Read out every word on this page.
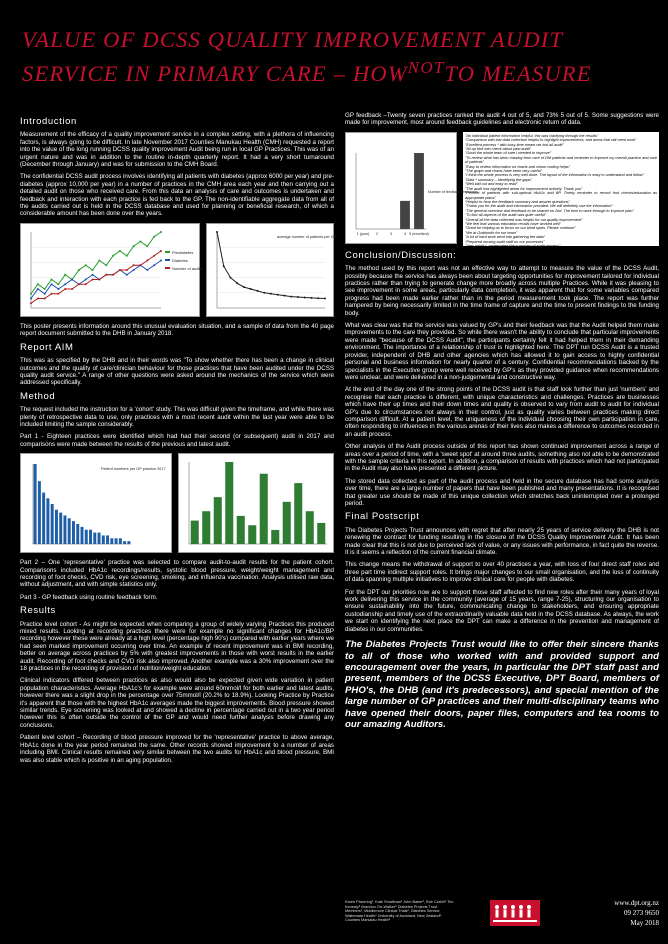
VALUE OF DCSS QUALITY IMPROVEMENT AUDIT
SERVICE IN PRIMARY CARE – $HOW^{NOT}TO$ MEASURE
Introduction

Measurement of the efficacy of a quality improvement service in a complex setting, with a plethora of influencing factors, is always going to be difficult. In late November 2017 Counties Manukau Health (CMH) requested a report into the value of the long running DCSS quality improvement Audit being run in local GP Practices. This was of an urgent nature and was in addition to the routine in-depth quarterly report. It had a very short turnaround (December through January) and was for submission to the CMH Board.

The confidential DCSS audit process involves identifying all patients with diabetes (approx 6000 per year) and pre-diabetes (approx 10,000 per year) in a number of practices in the CMH area each year and then carrying out a detailed audit on those who received care. From this data an analysis of care and outcomes is undertaken and feedback and interaction with each practice is fed back to the GP. The non-identifiable aggregate data from all of the audits carried out is held in the DCSS database and used for planning or beneficial research, of which a considerable amount has been done over the years.

Prediabetes
Diabetes
Number of audits
average number of patients per GP

This poster presents information around this unusual evaluation situation, and a sample of data from the 40 page report document submitted to the DHB in January 2018.

Report AIM

This was as specified by the DHB and in their words was "To show whether there has been a change in clinical outcomes and the quality of care/clinician behaviour for those practices that have been audited under the DCSS quality audit service." A range of other questions were asked around the mechanics of the service which were addressed specifically.

Method

The request included the instruction for a 'cohort' study. This was difficult given the timeframe, and while there was plenty of retrospective data to use, only practices with a most recent audit within the last year were able to be included limiting the sample considerably.

Part 1 - Eighteen practices were identified which had had their second (or subsequent) audit in 2017 and comparisons were made between the results of the previous and latest audit.

Patient numbers per GP practice 2017

Part 2 – One 'representative' practice was selected to compare audit-to-audit results for the patient cohort. Comparisons included HbA1c recordings/results, systolic blood pressure, weight/weight management and recording of foot checks, CVD risk, eye screening, smoking, and influenza vaccination. Analysis utilised raw data, without adjustment, and with simple statistics only.

Part 3 - GP feedback using routine feedback form.

Results

Practice level cohort - As might be expected when comparing a group of widely varying Practices this produced mixed results. Looking at recording practices there were for example no significant changes for HbA1c/BP recording however these were already at a high level (percentage high 90's) compared with earlier years where we had seen marked improvement occurring over time. An example of recent improvement was in BMI recording, better on average across practices by 5% with greatest improvements in those with worst results in the earlier audit. Recording of foot checks and CVD risk also improved. Another example was a 30% improvement over the 18 practices in the recording of provision of nutrition/weight education.

Clinical indicators differed between practices as also would also be expected given wide variation in patient population characteristics. Average HbA1c's for example were around 60mmol/l for both earlier and latest audits, however there was a slight drop in the percentage over 75mmol/l (20.2% to 18.9%). Looking Practice by Practice it's apparent that those with the highest HbA1c averages made the biggest improvements. Blood pressure showed similar trends. Eye screening was looked at and showed a decline in percentage carried out in a two year period however this is often outside the control of the GP and would need further analysis before drawing any conclusions.

Patient level cohort – Recording of blood pressure improved for the 'representative' practice to above average, HbA1c done in the year period remained the same. Other records showed improvement to a number of areas including BMI. Clinical results remained very similar between the two audits for HbA1c and blood pressure, BMI was also stable which is positive in an aging population.

GP feedback –Twenty seven practices ranked the audit 4 out of 5, and 73% 5 out of 5. Some suggestions were made for improvement, most around feedback guidelines and electronic return of data.

1 (poor) 2	3	4 5 (excellent)
Number of feedback responses
"An individual patient information helpful, this was clarifying through the results"
"Comparison with last data collection helpful to highlight improvements, and areas that still need work"
"Excellent process * with busy time meant we lost all audit"
"All up kick into check about past audit"
"Good the whole team of care I needed to improve"
"To review what has been missing from care of DM patients and reminder to improve my overall practice and care of patients"
"Easy to review information on charts and colour coding helps"
"The graph and charts have been very useful"
"I think the whole process is very well done. The layout of the information is easy to understand and follow"
"Data * summary – identifying the gaps"
"Well laid out and easy to read"
"The audit has highlighted areas for improvement actively. Thank you"
"Percent of patients with sub-optimal HbA1c and BP. Timely reminder to record foot checks/education as appropriate plans"
"Helpful to hear the feedback summary and answer questions"
"Thank you for the audit and information provided. We will definitely use the information"
"The general overview and feedback to be shared on 2nd. The time to work through to improve plan"
"To fact all aspects of the audit was quite useful"
"Overall all the data collected was helpful for our quality improvement"
"We feel that various education recalls have worked well"
"Great for helping us to focus on our blind spots. Please continue"
"We at Goldsmith for our team"
"A lot of hard work went into gathering the data"
"Prepared nursing audit staff on our processes"
"Very helpful, appreciated the summary of audit process"
Conclusion/Discussion:

The method used by this report was not an effective way to attempt to measure the value of the DCSS Audit, possibly because the service has always been about targeting opportunities for improvement tailored for individual practices rather than trying to generate change more broadly across multiple Practices. While it was pleasing to see improvement in some areas, particularly data completion, it was apparent that for some variables compared progress had been made earlier rather than in the period measurement took place. The report was further hampered by being necessarily limited in the time frame of capture and the time to present findings to the funding body.

What was clear was that the service was valued by GP's and their feedback was that the Audit helped them make improvements to the care they provided. So while there wasn't the ability to conclude that particular improvements were made "because of the DCSS Audit", the participants certainly felt it had helped them in their demanding environment. The importance of a relationship of trust is highlighted here. The DPT run DCSS Audit is a trusted provider, independent of DHB and other agencies which has allowed it to gain access to highly confidential personal and business information for nearly quarter of a century. Confidential recommendations backed by the specialists in the Executive group were well received by GP's as they provided guidance when recommendations were unclear, and were delivered in a non-judgemental and constructive way.

At the end of the day one of the strong points of the DCSS audit is that staff look further than just 'numbers' and recognise that each practice is different, with unique characteristics and challenges. Practices are businesses which have their up times and their down times and quality is observed to vary from audit to audit for individual GP's due to circumstances not always in their control, just as quality varies between practices making direct comparison difficult. At a patient level, the uniqueness of the individual choosing their own participation in care, often responding to influences in the various arenas of their lives also makes a difference to outcomes recorded in an audit process.

Other analysis of the Audit process outside of this report has shown continued improvement across a range of areas over a period of time, with a 'sweet spot' at around three audits, something also not able to be demonstrated with the sample criteria in this report. In addition, a comparison of results with practices which had not participated in the Audit may also have presented a different picture.

The stored data collected as part of the audit process and held in the secure database has had some analysis over time, there are a large number of papers that have been published and many presentations. It is recognised that greater use should be made of this unique collection which stretches back uninterrupted over a prolonged period.

Final Postscript

The Diabetes Projects Trust announces with regret that after nearly 25 years of service delivery the DHB is not renewing the contract for funding resulting in the closure of the DCSS Quality Improvement Audit. It has been made clear that this is not due to perceived lack of value, or any issues with performance, in fact quite the reverse. It is it seems a reflection of the current financial climate.

This change means the withdrawal of support to over 40 practices a year, with loss of four direct staff roles and three part time indirect support roles. It brings major changes to our small organisation, and the loss of continuity of data spanning multiple initiatives to improve clinical care for people with diabetes.

For the DPT our priorities now are to support those staff affected to find new roles after their many years of loyal work delivering this service in the community (average of 15 years, range 7-25), structuring our organisation to ensure sustainability into the future, communicating change to stakeholders, and ensuring appropriate custodianship and timely use of the extraordinarily valuable data held in the DCSS database. As always, the work we start on identifying the next place the DPT can make a difference in the prevention and management of diabetes in our communities.

The Diabetes Projects Trust would like to offer their sincere thanks to all of those who worked with and provided support and encouragement over the years, in particular the DPT staff past and present, members of the DCSS Executive, DPT Board, members of PHO's, the DHB (and it's predecessors), and special mention of the large number of GP practices and their multi-disciplinary teams who have opened their doors, paper files, computers and tea rooms to our amazing Auditors.
Karen Pickering¹, Kate Smallman² John Baker³, Rob Carhill⁴ Tim Kenealy⁵ Brandon Orr-Walker⁶ Diabetes Projects Trust Members¹, Middlemore Clinical Trials², Diabetes Service, Waitemata Health⁴ University of Auckland, New Zealand⁵, Counties Manukau Health⁶
www.dpt.org.nz
09 273 9650
May 2018
